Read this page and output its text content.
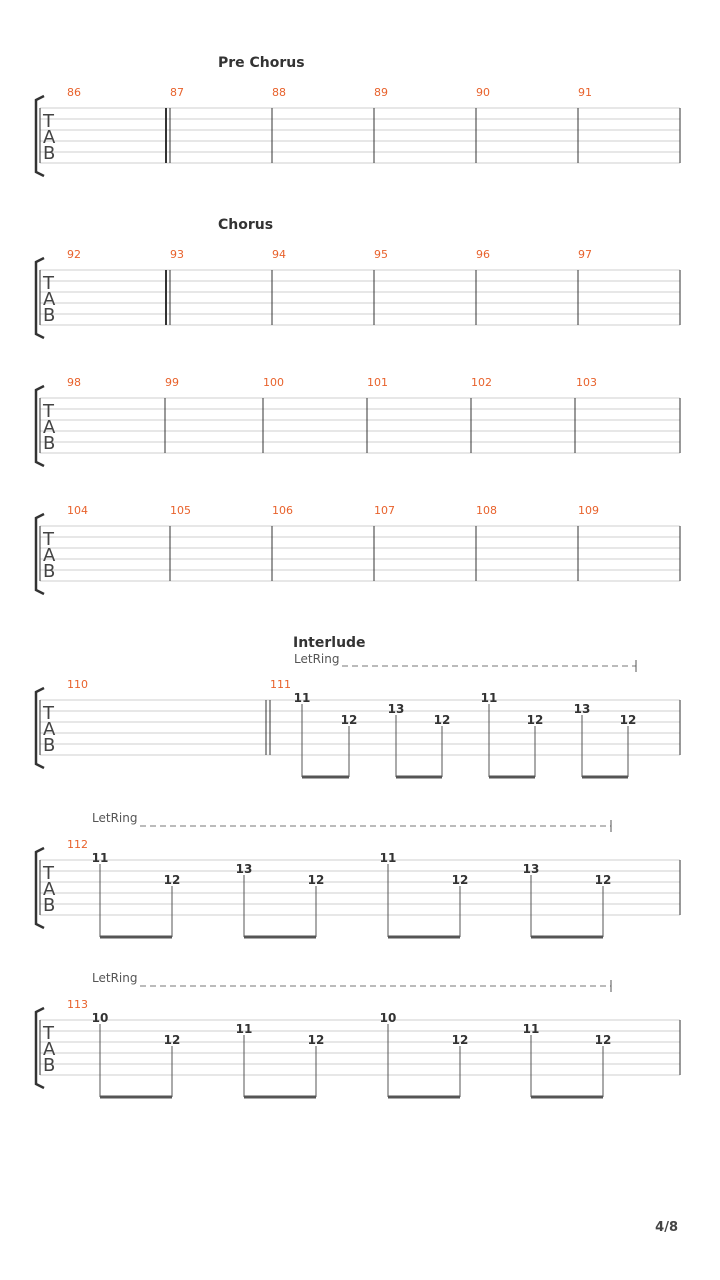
Pre Chorus
T
A
B
86	87	88	89	90	91
Chorus
T
A
B
92	93	94	95	96	97
T
A
B
98	99	100	101	102	103
T
A
B
104	105	106	107	108	109
Interlude
LetRing
T
A
B
110	111
11
12
13
12
11
12
13
12
LetRing
T
A
B
112
11
12
13
12
11
12
13
12
LetRing
T
A
B
113
10
12
11
12
10
12
11
12
4/8
